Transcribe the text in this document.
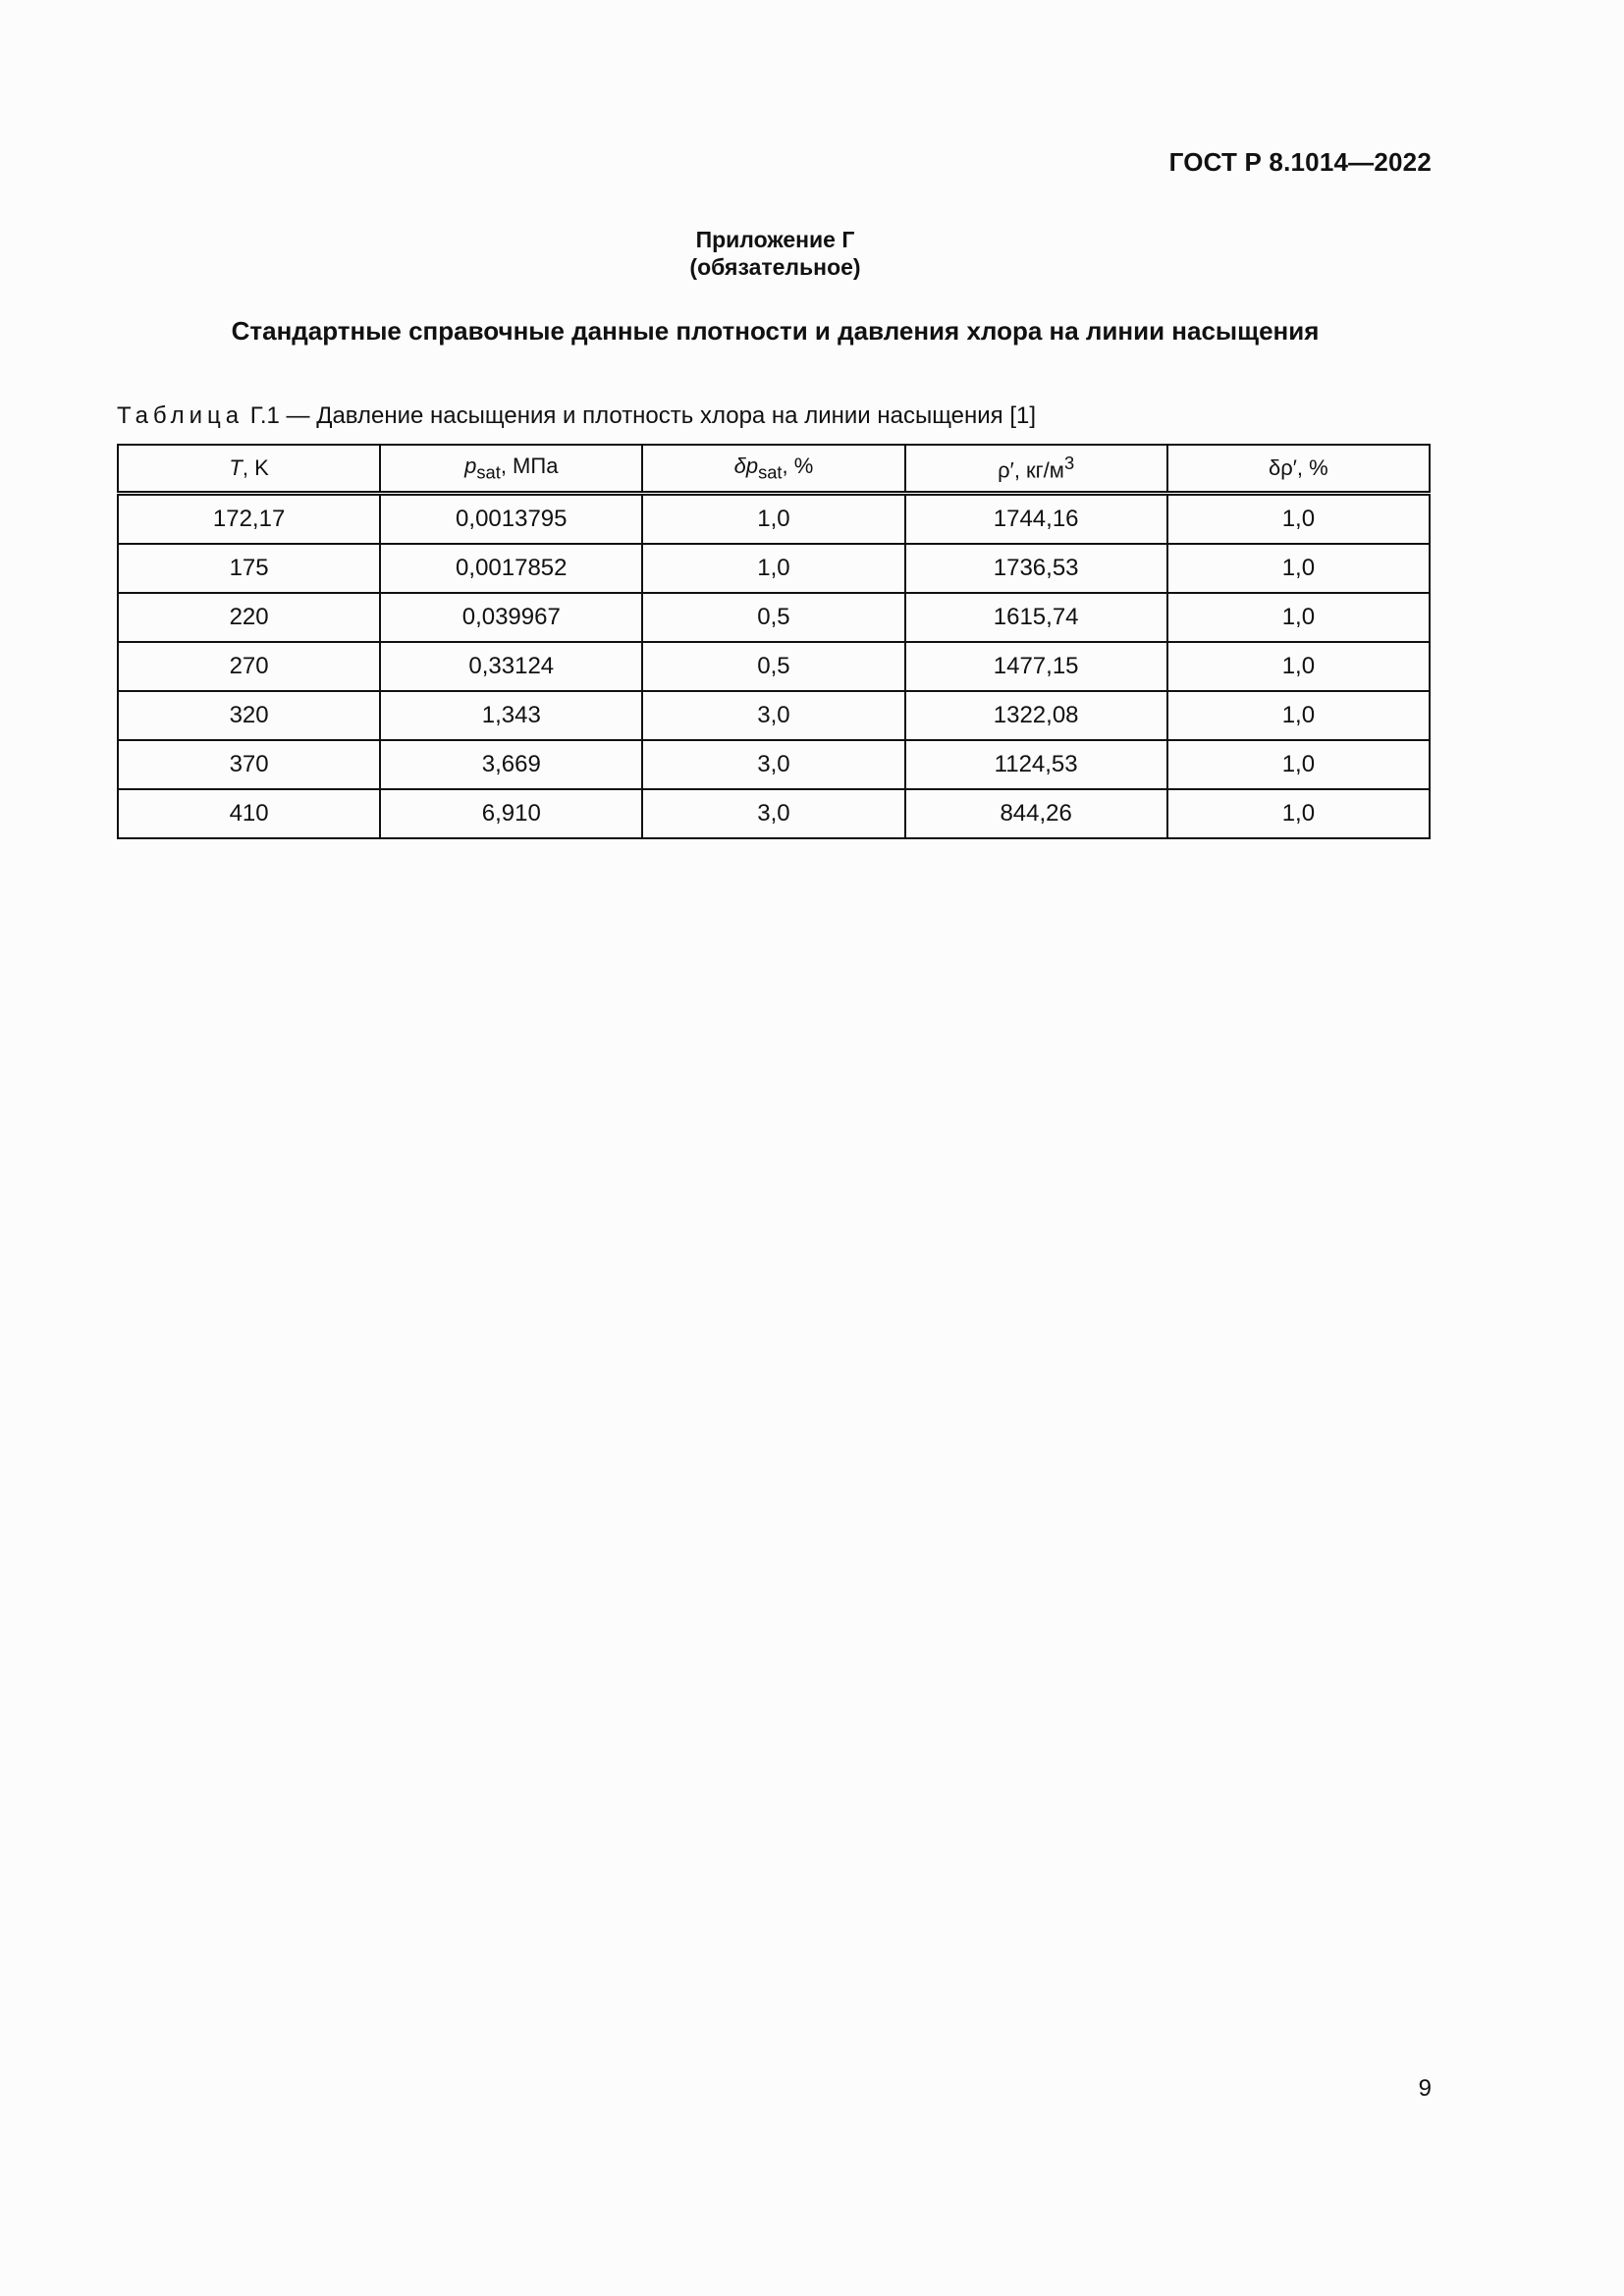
ГОСТ Р 8.1014—2022
Приложение Г
(обязательное)
Стандартные справочные данные плотности и давления хлора на линии насыщения
Таблица Г.1 — Давление насыщения и плотность хлора на линии насыщения [1]
T, K	$p_{sat}$, МПа	$\delta p_{sat}$, %	ρ′, $кг/м^3$	δρ′, %
172,17	0,0013795	1,0	1744,16	1,0
175	0,0017852	1,0	1736,53	1,0
220	0,039967	0,5	1615,74	1,0
270	0,33124	0,5	1477,15	1,0
320	1,343	3,0	1322,08	1,0
370	3,669	3,0	1124,53	1,0
410	6,910	3,0	844,26	1,0
9
